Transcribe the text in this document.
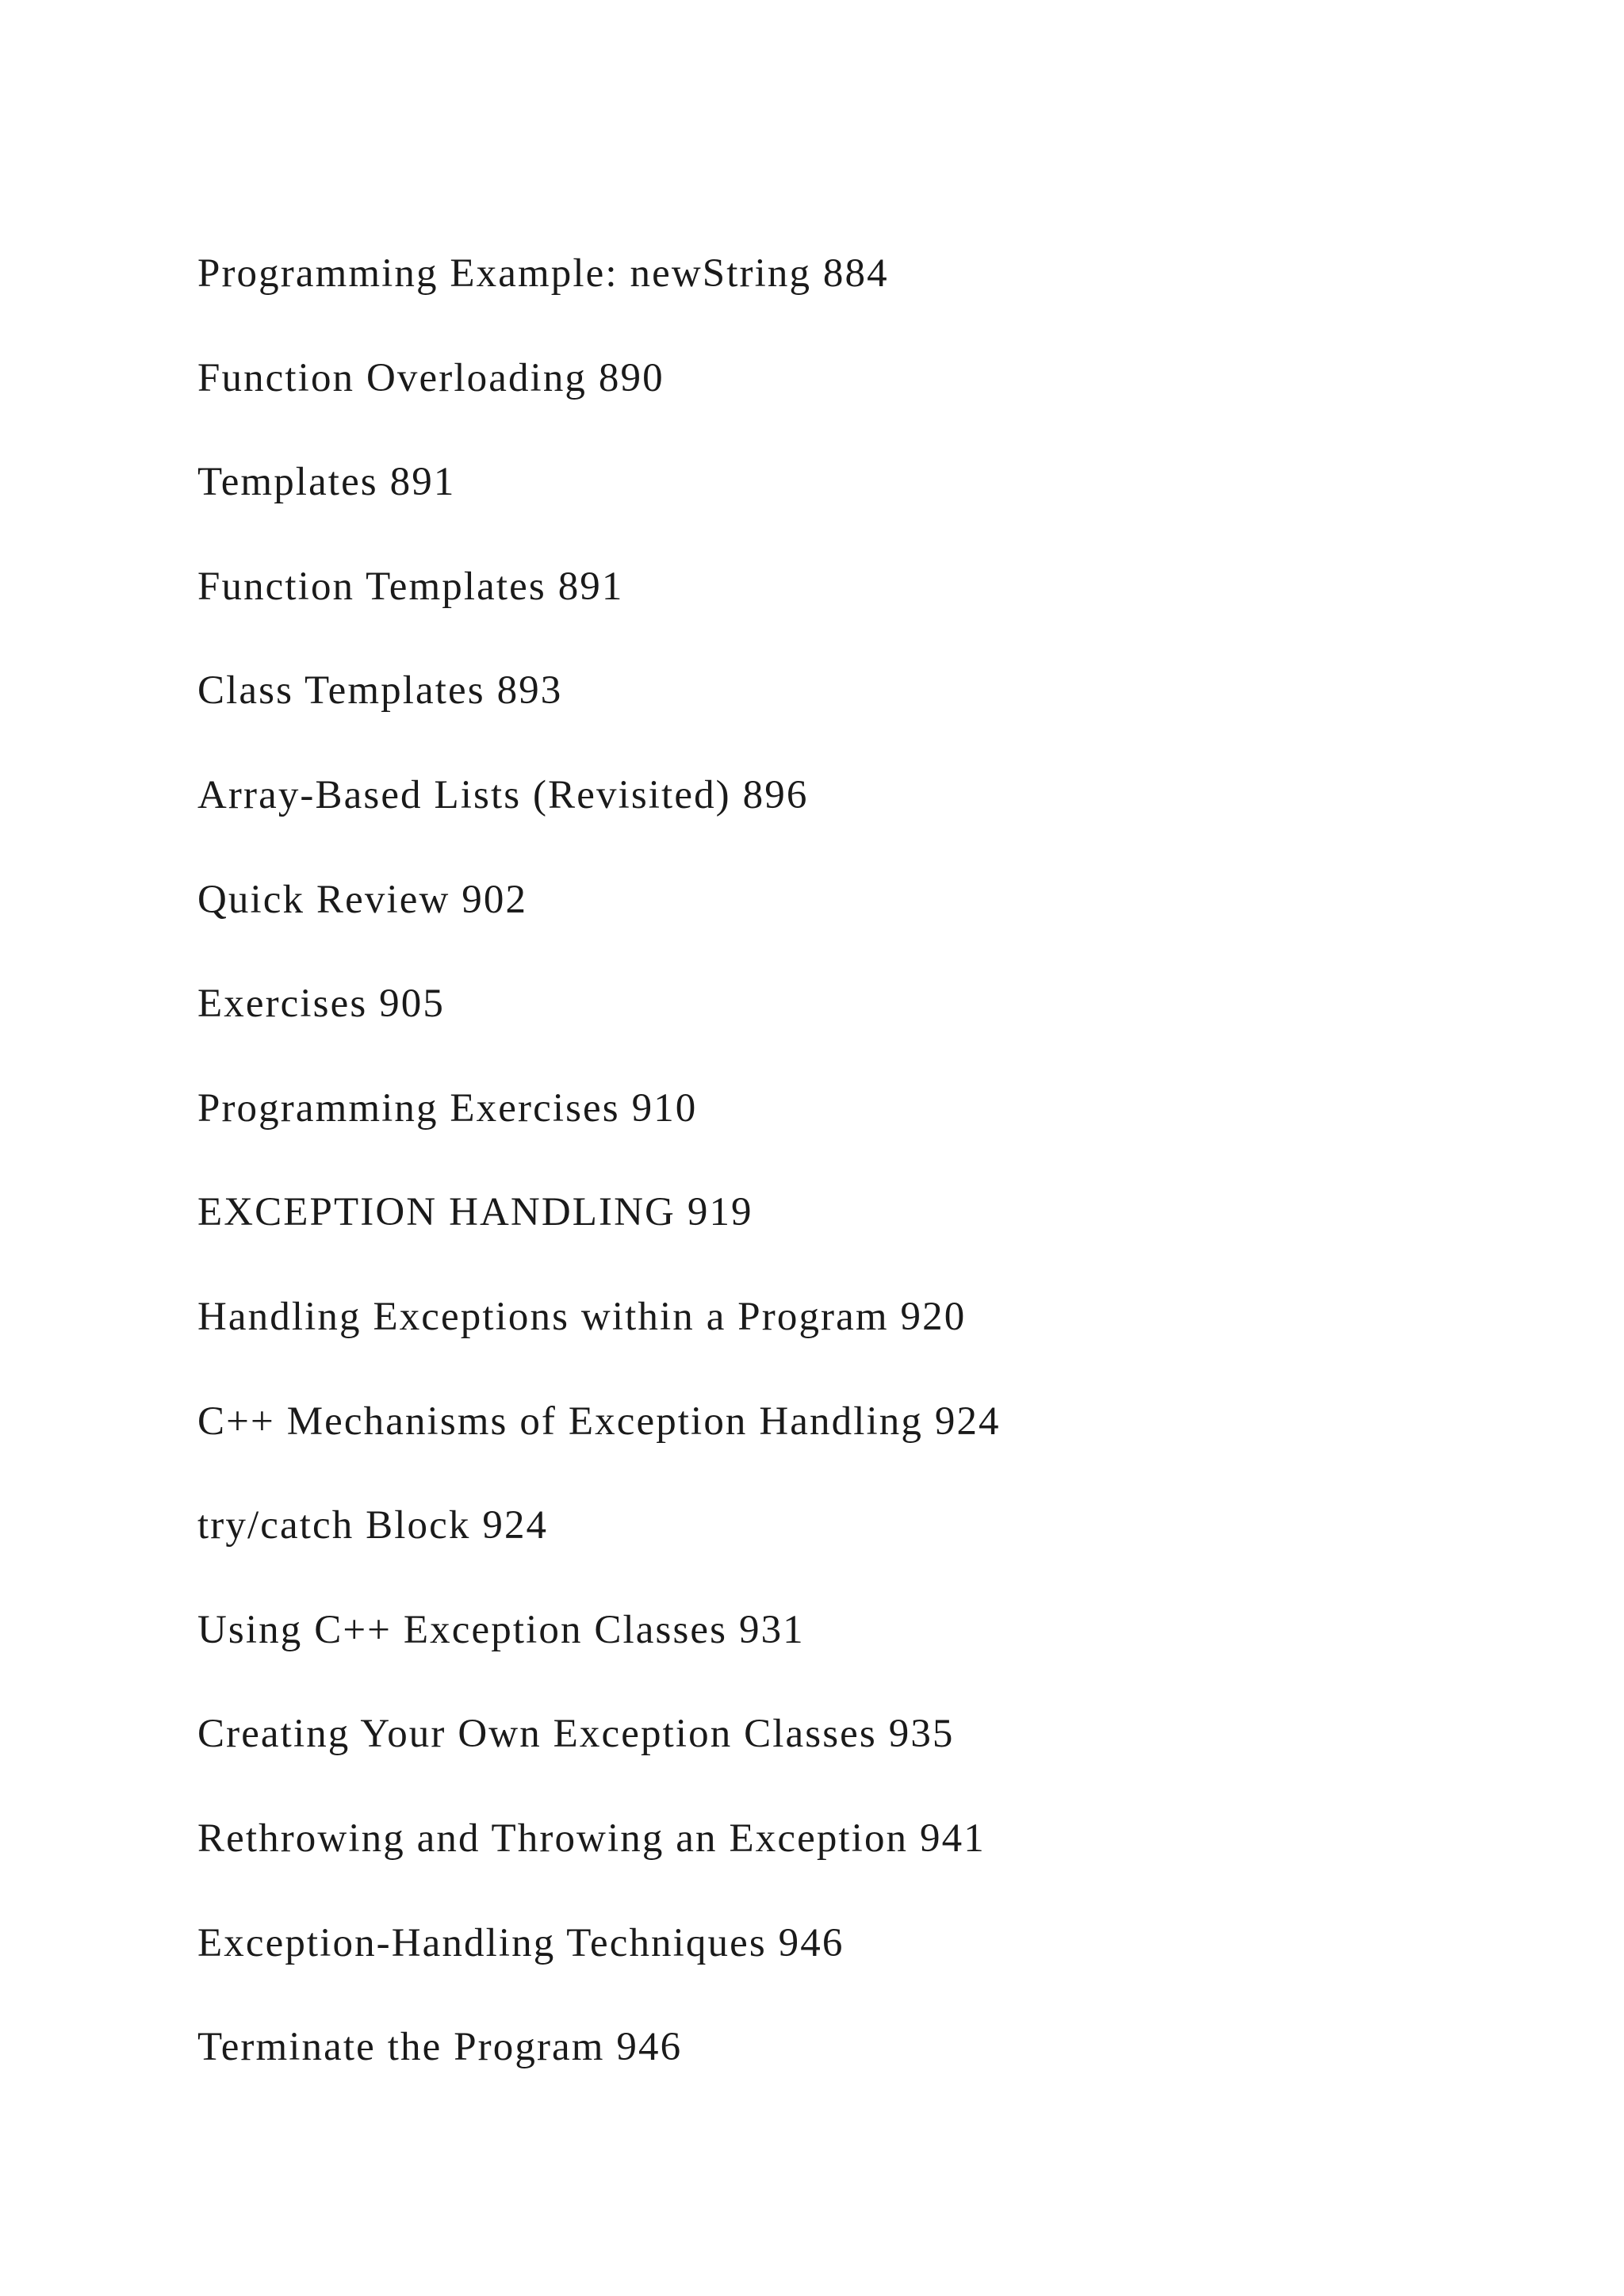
Programming Example: newString 884
Function Overloading 890
Templates 891
Function Templates 891
Class Templates 893
Array-Based Lists (Revisited) 896
Quick Review 902
Exercises 905
Programming Exercises 910
EXCEPTION HANDLING 919
Handling Exceptions within a Program 920
C++ Mechanisms of Exception Handling 924
try/catch Block 924
Using C++ Exception Classes 931
Creating Your Own Exception Classes 935
Rethrowing and Throwing an Exception 941
Exception-Handling Techniques 946
Terminate the Program 946
